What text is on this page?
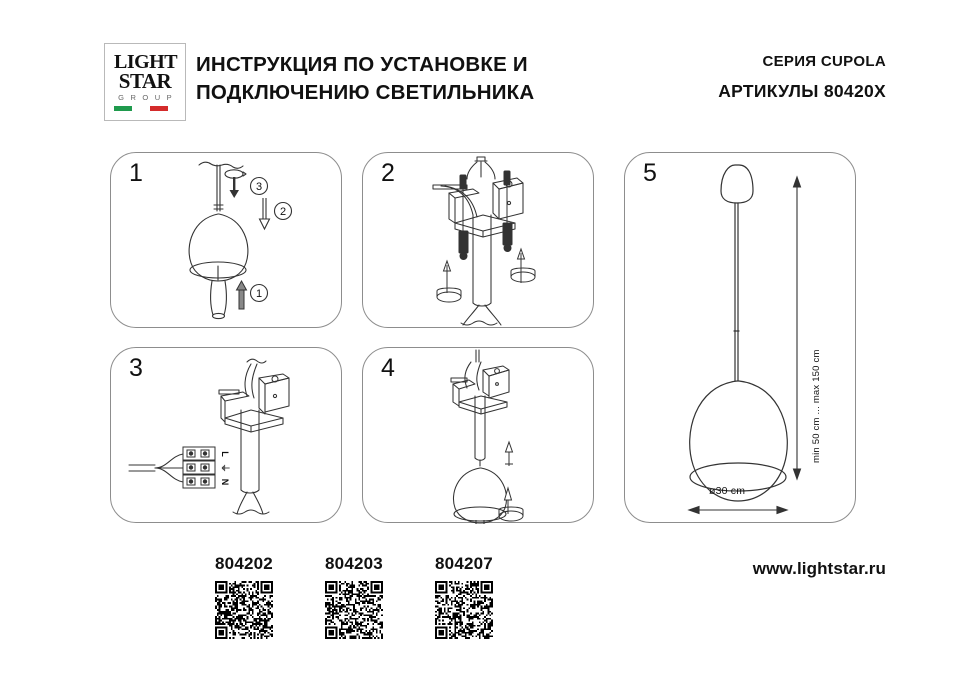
LIGHT
STAR
G R O U P
ИНСТРУКЦИЯ ПО УСТАНОВКЕ И
ПОДКЛЮЧЕНИЮ СВЕТИЛЬНИКА
СЕРИЯ CUPOLA
АРТИКУЛЫ 80420X
1	3
2
1
2
3
L
⏚
N
4
5
min 50 cm ... max 150 cm
ø30 cm
804202	804203	804207	www.lightstar.ru
